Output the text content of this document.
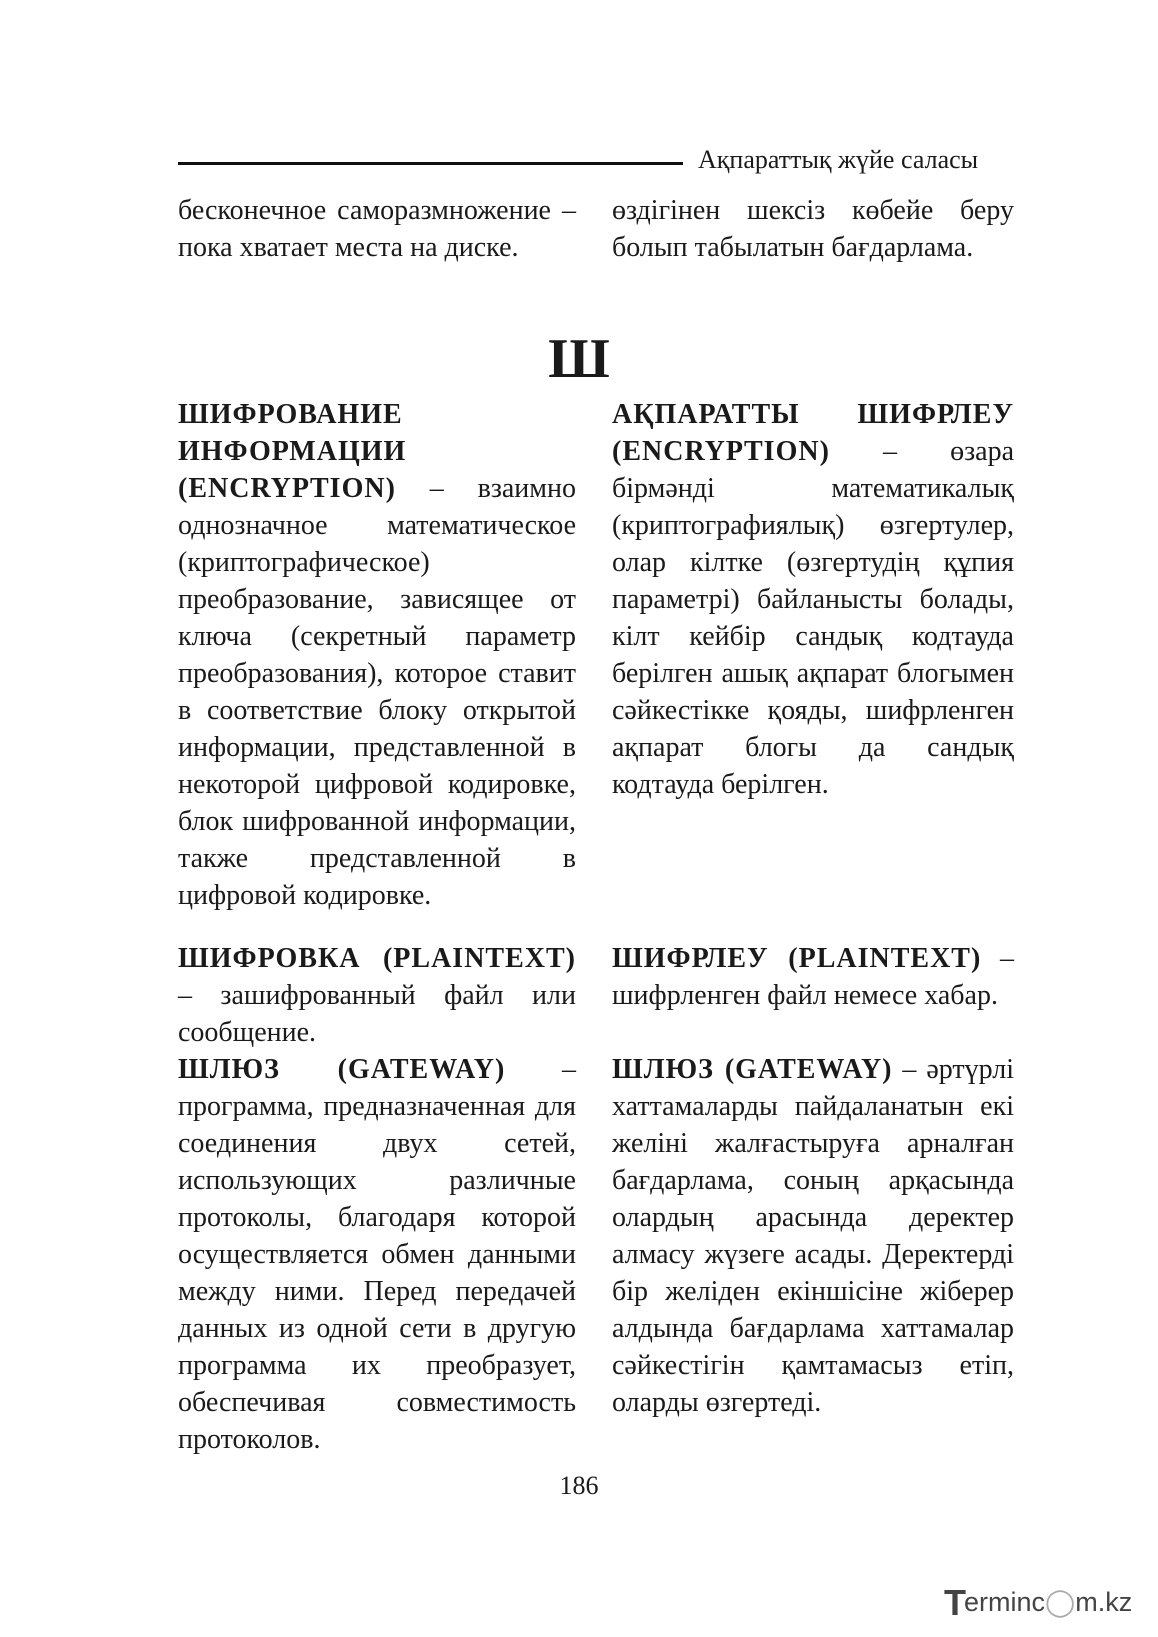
Ақпараттық жүйе саласы

бесконечное саморазмножение – пока хватает места на диске.

өздігінен шексіз көбейе беру болып табылатын бағдарлама.

Ш

ШИФРОВАНИЕ ИНФОРМАЦИИ (ENCRYPTION) – взаимно однозначное математическое (криптографическое) преобразование, зависящее от ключа (секретный параметр преобразования), которое ставит в соответствие блоку открытой информации, представленной в некоторой цифровой кодировке, блок шифрованной информации, также представленной в цифровой кодировке.

АҚПАРАТТЫ ШИФРЛЕУ (ENCRYPTION) – өзара бірмәнді математикалық (криптографиялық) өзгертулер, олар кілтке (өзгертудің құпия параметрі) байланысты болады, кілт кейбір сандық кодтауда берілген ашық ақпарат блогымен сәйкестікке қояды, шифрленген ақпарат блогы да сандық кодтауда берілген.

ШИФРОВКА (PLAINTEXT) – зашифрованный файл или сообщение.

ШИФРЛЕУ (PLAINTEXT) – шифрленген файл немесе хабар.

ШЛЮЗ (GATEWAY) – программа, предназначенная для соединения двух сетей, использующих различные протоколы, благодаря которой осуществляется обмен данными между ними. Перед передачей данных из одной сети в другую программа их преобразует, обеспечивая совместимость протоколов.

ШЛЮЗ (GATEWAY) – әртүрлі хаттамаларды пайдаланатын екі желіні жалғастыруға арналған бағдарлама, соның арқасында олардың арасында деректер алмасу жүзеге асады. Деректерді бір желіден екіншісіне жіберер алдында бағдарлама хаттамалар сәйкестігін қамтамасыз етіп, оларды өзгертеді.

186
Terminc◯m.kz
